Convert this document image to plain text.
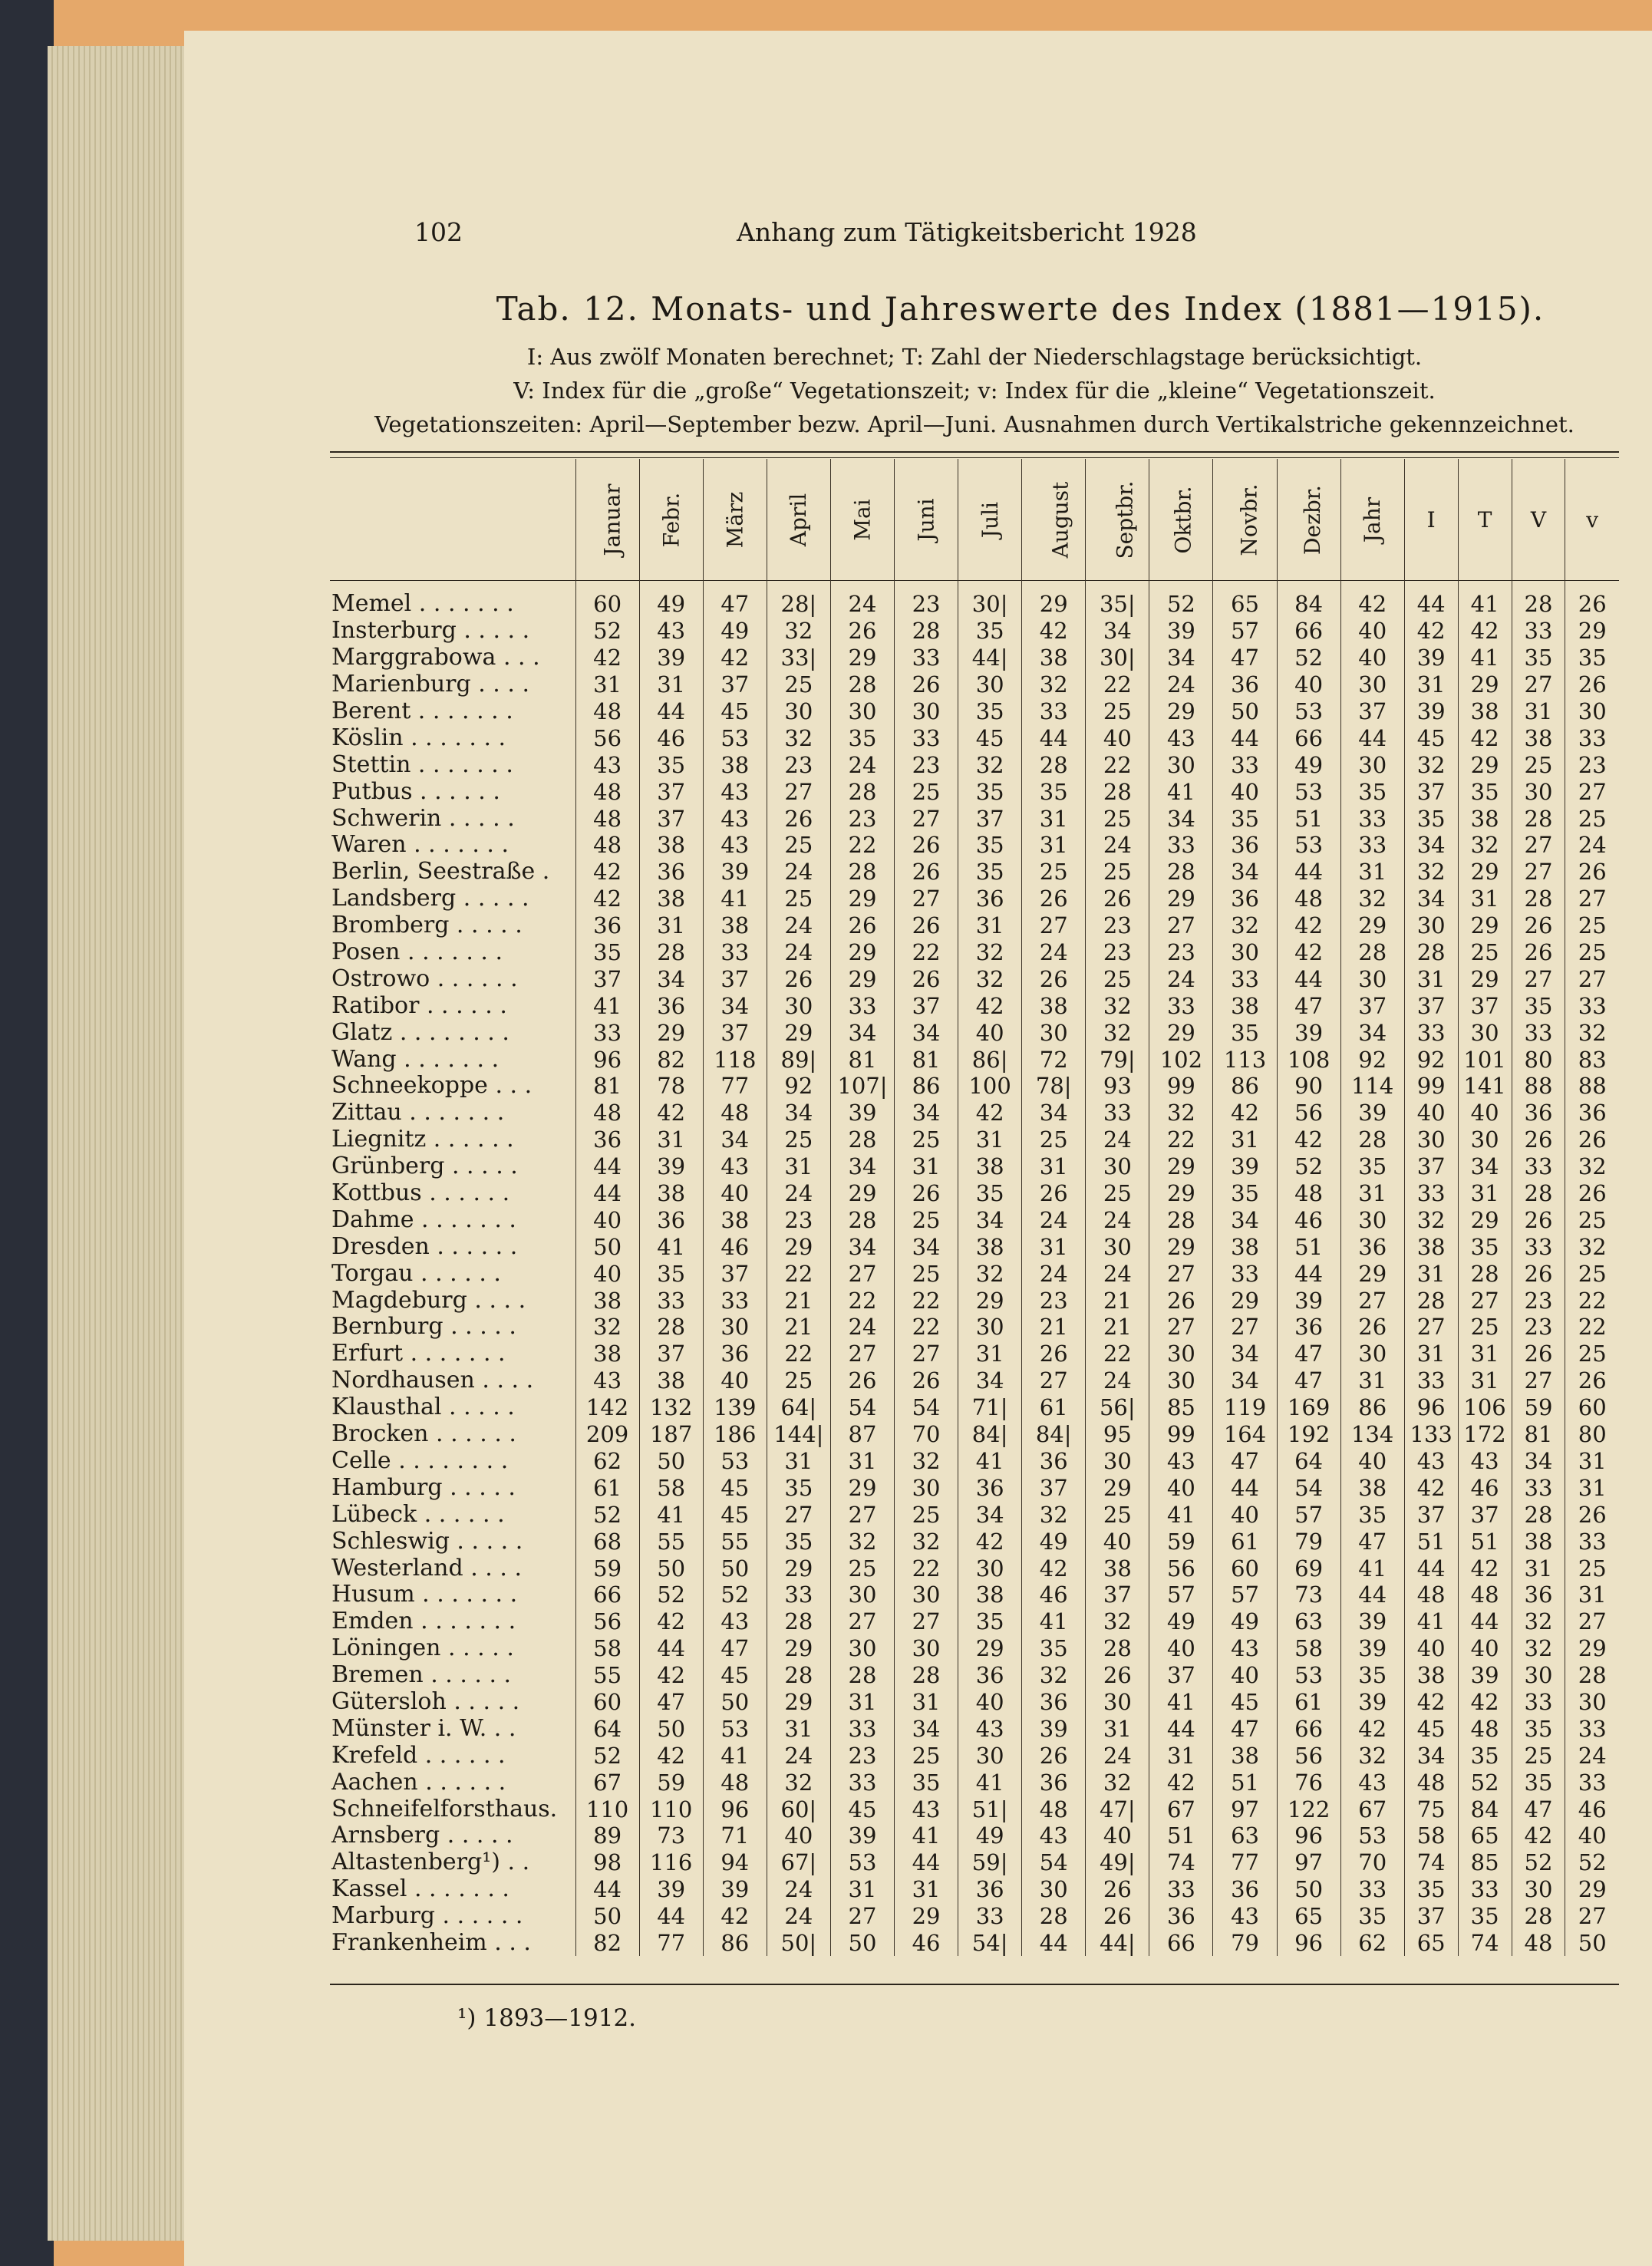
102	Anhang zum Tätigkeitsbericht 1928
Tab. 12. Monats- und Jahreswerte des Index (1881—1915).
I: Aus zwölf Monaten berechnet; T: Zahl der Niederschlagstage berücksichtigt.
V: Index für die „große“ Vegetationszeit; v: Index für die „kleine“ Vegetationszeit.
Vegetationszeiten: April—September bezw. April—Juni. Ausnahmen durch Vertikalstriche gekennzeichnet.
	Januar	Febr.	März	April	Mai	Juni	Juli	August	Septbr.	Oktbr.	Novbr.	Dezbr.	Jahr	I	T	V	v
Memel . . . . . . .	60	49	47	28|	24	23	30|	29	35|	52	65	84	42	44	41	28	26
Insterburg . . . . .	52	43	49	32	26	28	35	42	34	39	57	66	40	42	42	33	29
Marggrabowa . . .	42	39	42	33|	29	33	44|	38	30|	34	47	52	40	39	41	35	35
Marienburg . . . .	31	31	37	25	28	26	30	32	22	24	36	40	30	31	29	27	26
Berent . . . . . . .	48	44	45	30	30	30	35	33	25	29	50	53	37	39	38	31	30
Köslin . . . . . . .	56	46	53	32	35	33	45	44	40	43	44	66	44	45	42	38	33
Stettin . . . . . . .	43	35	38	23	24	23	32	28	22	30	33	49	30	32	29	25	23
Putbus . . . . . .	48	37	43	27	28	25	35	35	28	41	40	53	35	37	35	30	27
Schwerin . . . . .	48	37	43	26	23	27	37	31	25	34	35	51	33	35	38	28	25
Waren . . . . . . .	48	38	43	25	22	26	35	31	24	33	36	53	33	34	32	27	24
Berlin, Seestraße .	42	36	39	24	28	26	35	25	25	28	34	44	31	32	29	27	26
Landsberg . . . . .	42	38	41	25	29	27	36	26	26	29	36	48	32	34	31	28	27
Bromberg . . . . .	36	31	38	24	26	26	31	27	23	27	32	42	29	30	29	26	25
Posen . . . . . . .	35	28	33	24	29	22	32	24	23	23	30	42	28	28	25	26	25
Ostrowo . . . . . .	37	34	37	26	29	26	32	26	25	24	33	44	30	31	29	27	27
Ratibor . . . . . .	41	36	34	30	33	37	42	38	32	33	38	47	37	37	37	35	33
Glatz . . . . . . . .	33	29	37	29	34	34	40	30	32	29	35	39	34	33	30	33	32
Wang . . . . . . .	96	82	118	89|	81	81	86|	72	79|	102	113	108	92	92	101	80	83
Schneekoppe . . .	81	78	77	92	107|	86	100	78|	93	99	86	90	114	99	141	88	88
Zittau . . . . . . .	48	42	48	34	39	34	42	34	33	32	42	56	39	40	40	36	36
Liegnitz . . . . . .	36	31	34	25	28	25	31	25	24	22	31	42	28	30	30	26	26
Grünberg . . . . .	44	39	43	31	34	31	38	31	30	29	39	52	35	37	34	33	32
Kottbus . . . . . .	44	38	40	24	29	26	35	26	25	29	35	48	31	33	31	28	26
Dahme . . . . . . .	40	36	38	23	28	25	34	24	24	28	34	46	30	32	29	26	25
Dresden . . . . . .	50	41	46	29	34	34	38	31	30	29	38	51	36	38	35	33	32
Torgau . . . . . .	40	35	37	22	27	25	32	24	24	27	33	44	29	31	28	26	25
Magdeburg . . . .	38	33	33	21	22	22	29	23	21	26	29	39	27	28	27	23	22
Bernburg . . . . .	32	28	30	21	24	22	30	21	21	27	27	36	26	27	25	23	22
Erfurt . . . . . . .	38	37	36	22	27	27	31	26	22	30	34	47	30	31	31	26	25
Nordhausen . . . .	43	38	40	25	26	26	34	27	24	30	34	47	31	33	31	27	26
Klausthal . . . . .	142	132	139	64|	54	54	71|	61	56|	85	119	169	86	96	106	59	60
Brocken . . . . . .	209	187	186	144|	87	70	84|	84|	95	99	164	192	134	133	172	81	80
Celle . . . . . . . .	62	50	53	31	31	32	41	36	30	43	47	64	40	43	43	34	31
Hamburg . . . . .	61	58	45	35	29	30	36	37	29	40	44	54	38	42	46	33	31
Lübeck . . . . . .	52	41	45	27	27	25	34	32	25	41	40	57	35	37	37	28	26
Schleswig . . . . .	68	55	55	35	32	32	42	49	40	59	61	79	47	51	51	38	33
Westerland . . . .	59	50	50	29	25	22	30	42	38	56	60	69	41	44	42	31	25
Husum . . . . . . .	66	52	52	33	30	30	38	46	37	57	57	73	44	48	48	36	31
Emden . . . . . . .	56	42	43	28	27	27	35	41	32	49	49	63	39	41	44	32	27
Löningen . . . . .	58	44	47	29	30	30	29	35	28	40	43	58	39	40	40	32	29
Bremen . . . . . .	55	42	45	28	28	28	36	32	26	37	40	53	35	38	39	30	28
Gütersloh . . . . .	60	47	50	29	31	31	40	36	30	41	45	61	39	42	42	33	30
Münster i. W. . .	64	50	53	31	33	34	43	39	31	44	47	66	42	45	48	35	33
Krefeld . . . . . .	52	42	41	24	23	25	30	26	24	31	38	56	32	34	35	25	24
Aachen . . . . . .	67	59	48	32	33	35	41	36	32	42	51	76	43	48	52	35	33
Schneifelforsthaus.	110	110	96	60|	45	43	51|	48	47|	67	97	122	67	75	84	47	46
Arnsberg . . . . .	89	73	71	40	39	41	49	43	40	51	63	96	53	58	65	42	40
Altastenberg¹) . .	98	116	94	67|	53	44	59|	54	49|	74	77	97	70	74	85	52	52
Kassel . . . . . . .	44	39	39	24	31	31	36	30	26	33	36	50	33	35	33	30	29
Marburg . . . . . .	50	44	42	24	27	29	33	28	26	36	43	65	35	37	35	28	27
Frankenheim . . .	82	77	86	50|	50	46	54|	44	44|	66	79	96	62	65	74	48	50
¹) 1893—1912.
